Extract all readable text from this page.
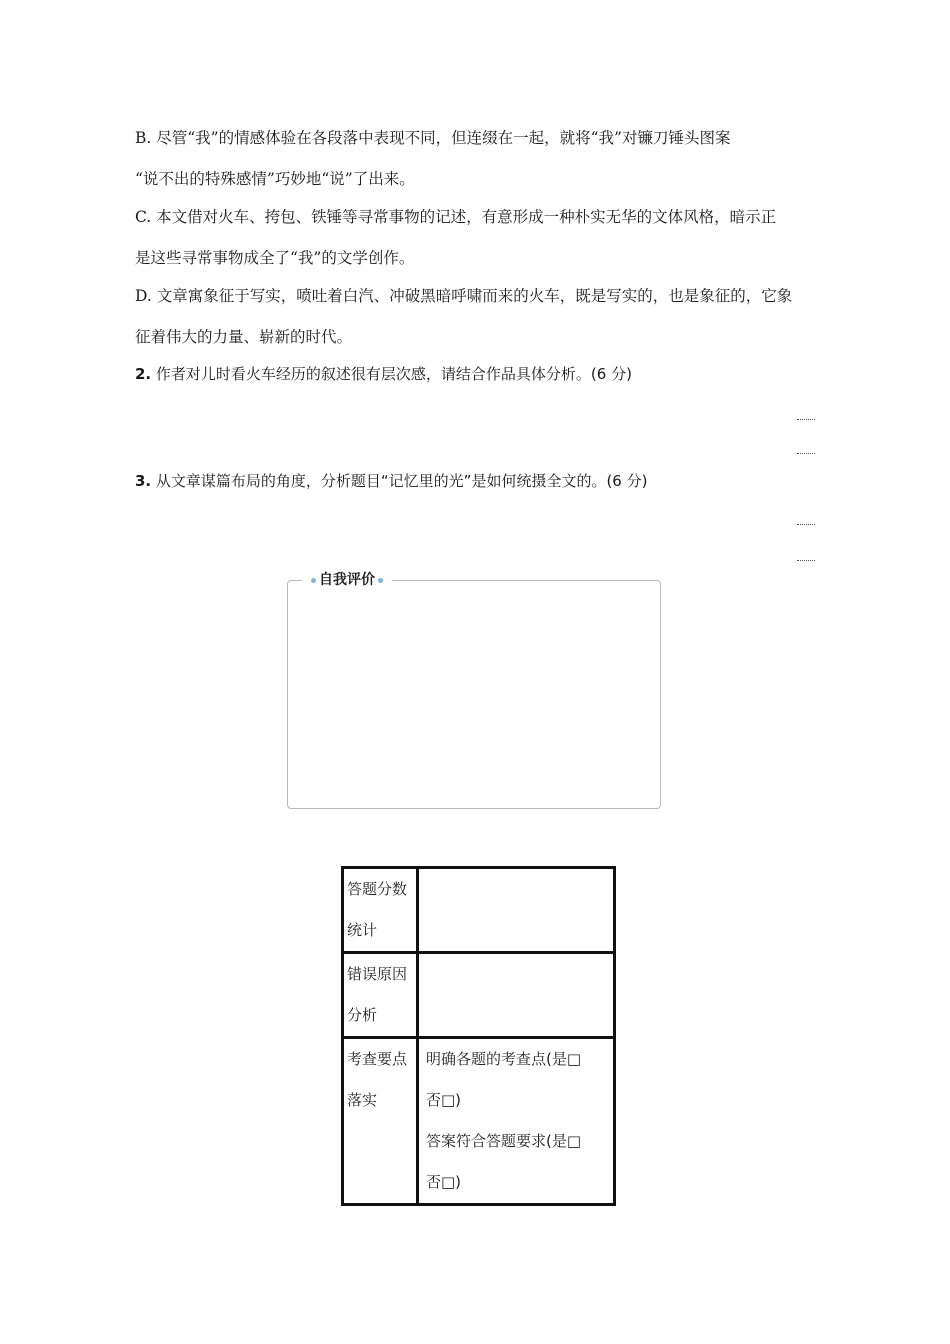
B. 尽管“我”的情感体验在各段落中表现不同，但连缀在一起，就将“我”对镰刀锤头图案
“说不出的特殊感情”巧妙地“说”了出来。
C. 本文借对火车、挎包、铁锤等寻常事物的记述，有意形成一种朴实无华的文体风格，暗示正
是这些寻常事物成全了“我”的文学创作。
D. 文章寓象征于写实，喷吐着白汽、冲破黑暗呼啸而来的火车，既是写实的，也是象征的，它象
征着伟大的力量、崭新的时代。
2. 作者对儿时看火车经历的叙述很有层次感，请结合作品具体分析。(6 分)
3. 从文章谋篇布局的角度，分析题目“记忆里的光”是如何统摄全文的。(6 分)
自我评价
答题分数
统计	

错误原因
分析	

考查要点
落实	明确各题的考查点(是□
否□)
答案符合答题要求(是□
否□)
